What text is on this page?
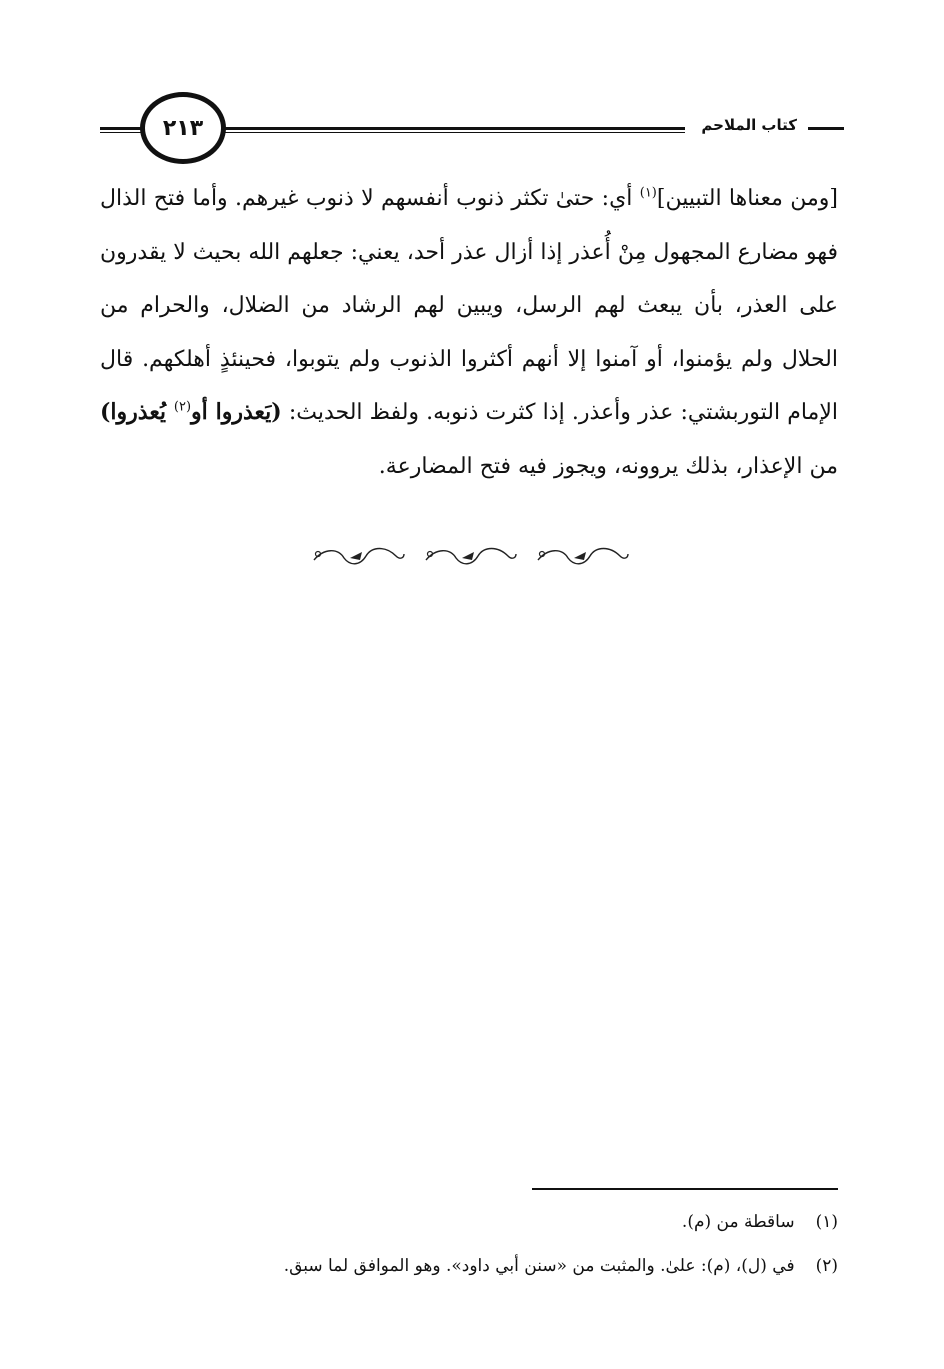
٢١٣	كتاب الملاحم

[ومن معناها التبيين]$^{(١)}$ أي: حتىٰ تكثر ذنوب أنفسهم لا ذنوب غيرهم. وأما فتح الذال فهو مضارع المجهول مِنْ أُعذر إذا أزال عذر أحد، يعني: جعلهم الله بحيث لا يقدرون على العذر، بأن يبعث لهم الرسل، ويبين لهم الرشاد من الضلال، والحرام من الحلال ولم يؤمنوا، أو آمنوا إلا أنهم أكثروا الذنوب ولم يتوبوا، فحينئذٍ أهلكهم. قال الإمام التوربشتي: عذر وأعذر. إذا كثرت ذنوبه. ولفظ الحديث: (يَعذروا أو$^{(٢)}$ يُعذروا) من الإعذار، بذلك يروونه، ويجوز فيه فتح المضارعة.

(١) ساقطة من (م).
(٢) في (ل)، (م): علىٰ. والمثبت من «سنن أبي داود». وهو الموافق لما سبق.
